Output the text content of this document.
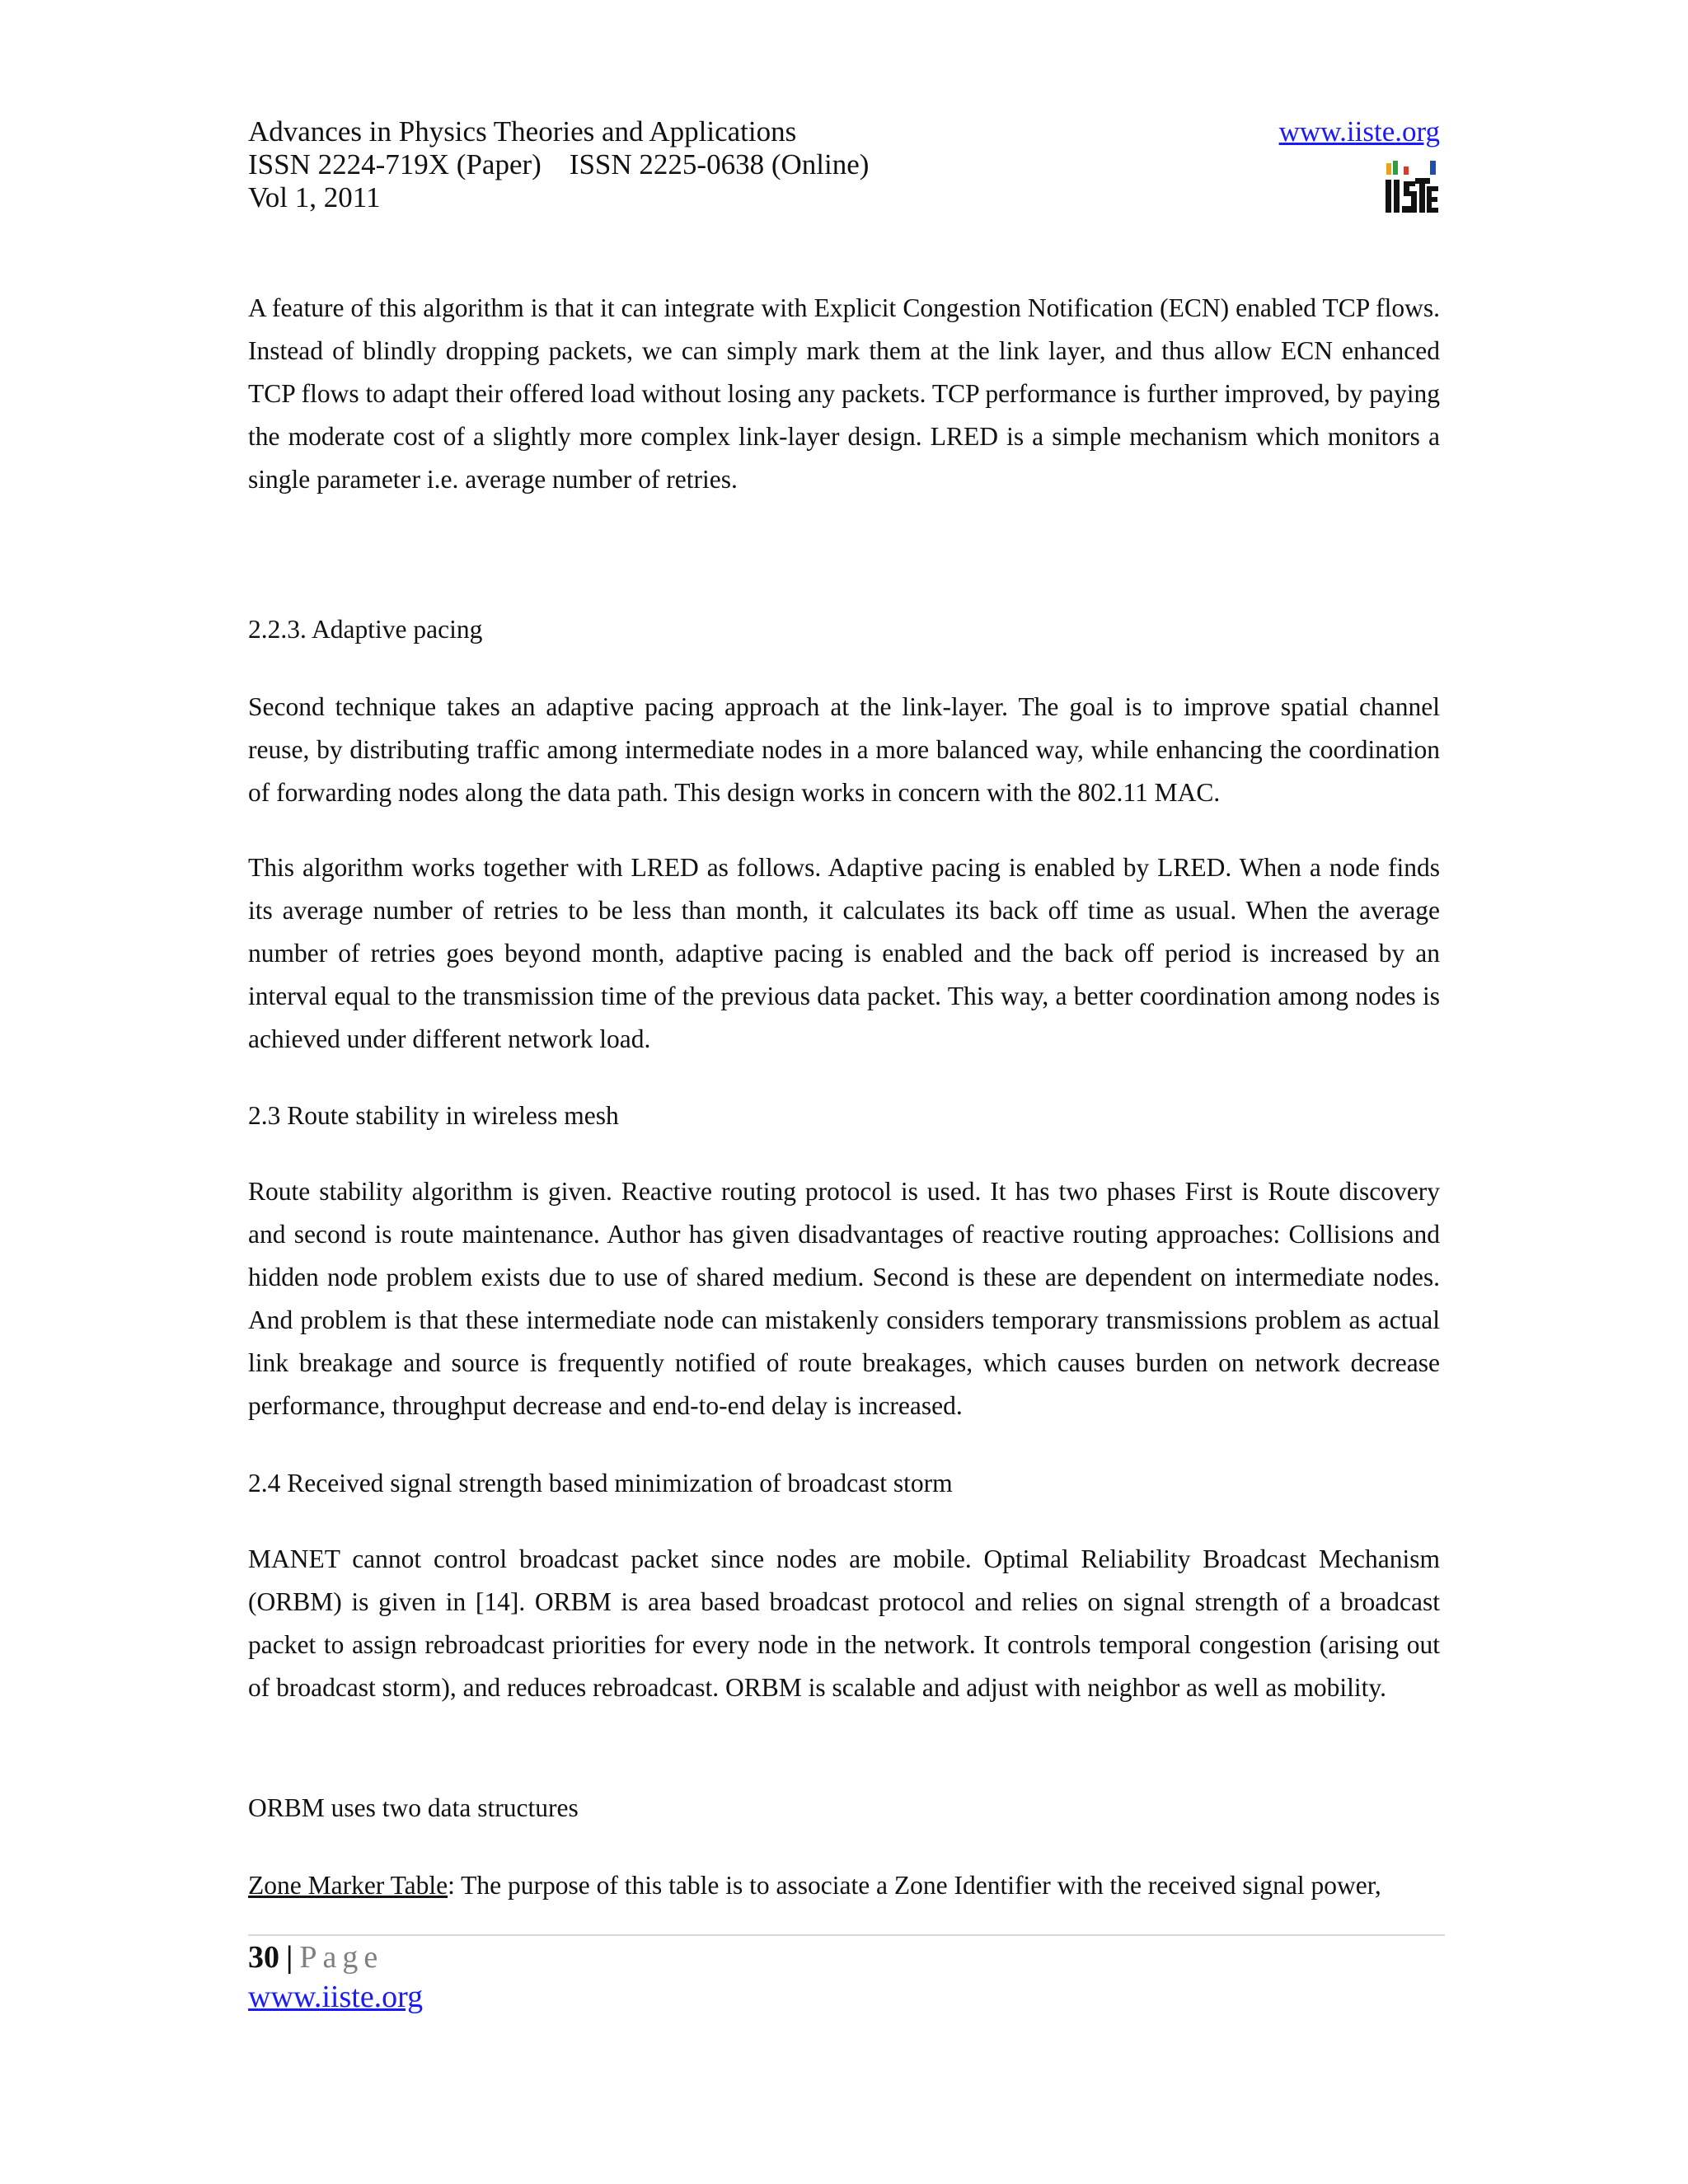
Advances in Physics Theories and Applications
ISSN 2224-719X (Paper) ISSN 2225-0638 (Online)
Vol 1, 2011
www.iiste.org

A feature of this algorithm is that it can integrate with Explicit Congestion Notification (ECN) enabled TCP flows. Instead of blindly dropping packets, we can simply mark them at the link layer, and thus allow ECN enhanced TCP flows to adapt their offered load without losing any packets. TCP performance is further improved, by paying the moderate cost of a slightly more complex link-layer design. LRED is a simple mechanism which monitors a single parameter i.e. average number of retries.

2.2.3. Adaptive pacing

Second technique takes an adaptive pacing approach at the link-layer. The goal is to improve spatial channel reuse, by distributing traffic among intermediate nodes in a more balanced way, while enhancing the coordination of forwarding nodes along the data path. This design works in concern with the 802.11 MAC.

This algorithm works together with LRED as follows. Adaptive pacing is enabled by LRED. When a node finds its average number of retries to be less than month, it calculates its back off time as usual. When the average number of retries goes beyond month, adaptive pacing is enabled and the back off period is increased by an interval equal to the transmission time of the previous data packet. This way, a better coordination among nodes is achieved under different network load.

2.3 Route stability in wireless mesh

Route stability algorithm is given. Reactive routing protocol is used. It has two phases First is Route discovery and second is route maintenance. Author has given disadvantages of reactive routing approaches: Collisions and hidden node problem exists due to use of shared medium. Second is these are dependent on intermediate nodes. And problem is that these intermediate node can mistakenly considers temporary transmissions problem as actual link breakage and source is frequently notified of route breakages, which causes burden on network decrease performance, throughput decrease and end-to-end delay is increased.

2.4 Received signal strength based minimization of broadcast storm

MANET cannot control broadcast packet since nodes are mobile. Optimal Reliability Broadcast Mechanism (ORBM) is given in [14]. ORBM is area based broadcast protocol and relies on signal strength of a broadcast packet to assign rebroadcast priorities for every node in the network. It controls temporal congestion (arising out of broadcast storm), and reduces rebroadcast. ORBM is scalable and adjust with neighbor as well as mobility.

ORBM uses two data structures

Zone Marker Table: The purpose of this table is to associate a Zone Identifier with the received signal power,

30 | Page
www.iiste.org
